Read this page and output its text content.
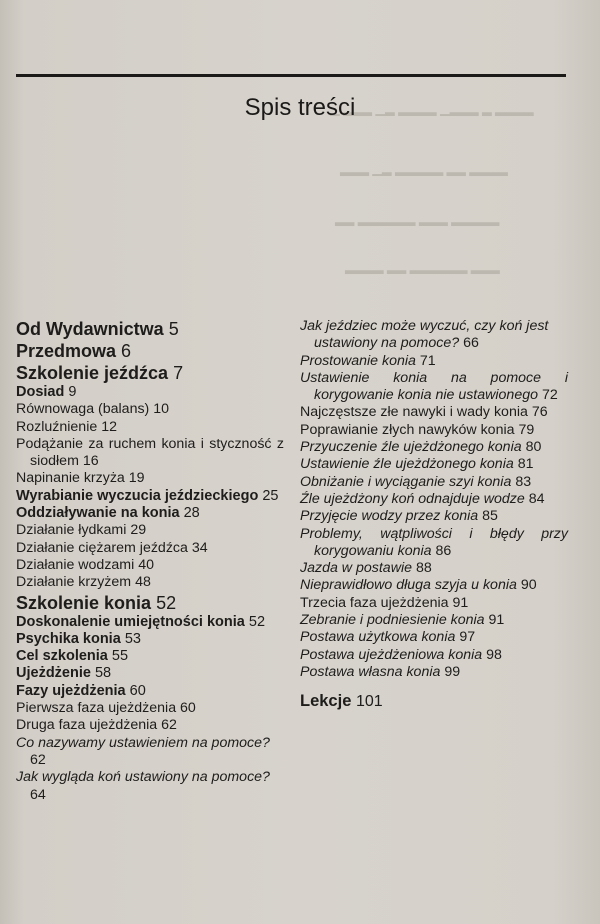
▁ ▂▂▂ ▁▂ ▂▂▂▂ ▁▂▂▂ ▂ ▂▂▂▂
▂▂▂ ▁▂ ▂▂▂▂▂ ▂▂ ▂▂▂▂
▂▂ ▂▂▂▂▂▂ ▂▂▂ ▂▂▂▂▂
▂▂▂▂ ▂▂ ▂▂▂▂▂▂ ▂▂▂
Spis treści

Od Wydawnictwa 5

Przedmowa 6

Szkolenie jeźdźca 7

Dosiad 9

Równowaga (balans) 10

Rozluźnienie 12

Podążanie za ruchem konia i styczność z siodłem 16

Napinanie krzyża 19

Wyrabianie wyczucia jeździeckiego 25

Oddziaływanie na konia 28

Działanie łydkami 29

Działanie ciężarem jeźdźca 34

Działanie wodzami 40

Działanie krzyżem 48

Szkolenie konia 52

Doskonalenie umiejętności konia 52

Psychika konia 53

Cel szkolenia 55

Ujeżdżenie 58

Fazy ujeżdżenia 60

Pierwsza faza ujeżdżenia 60

Druga faza ujeżdżenia 62

Co nazywamy ustawieniem na pomoce? 62

Jak wygląda koń ustawiony na pomoce? 64

Jak jeździec może wyczuć, czy koń jest ustawiony na pomoce? 66

Prostowanie konia 71

Ustawienie konia na pomoce i korygowanie konia nie ustawionego 72

Najczęstsze złe nawyki i wady konia 76

Poprawianie złych nawyków konia 79

Przyuczenie źle ujeżdżonego konia 80

Ustawienie źle ujeżdżonego konia 81

Obniżanie i wyciąganie szyi konia 83

Źle ujeżdżony koń odnajduje wodze 84

Przyjęcie wodzy przez konia 85

Problemy, wątpliwości i błędy przy korygowaniu konia 86

Jazda w postawie 88

Nieprawidłowo długa szyja u konia 90

Trzecia faza ujeżdżenia 91

Zebranie i podniesienie konia 91

Postawa użytkowa konia 97

Postawa ujeżdżeniowa konia 98

Postawa własna konia 99

Lekcje 101
